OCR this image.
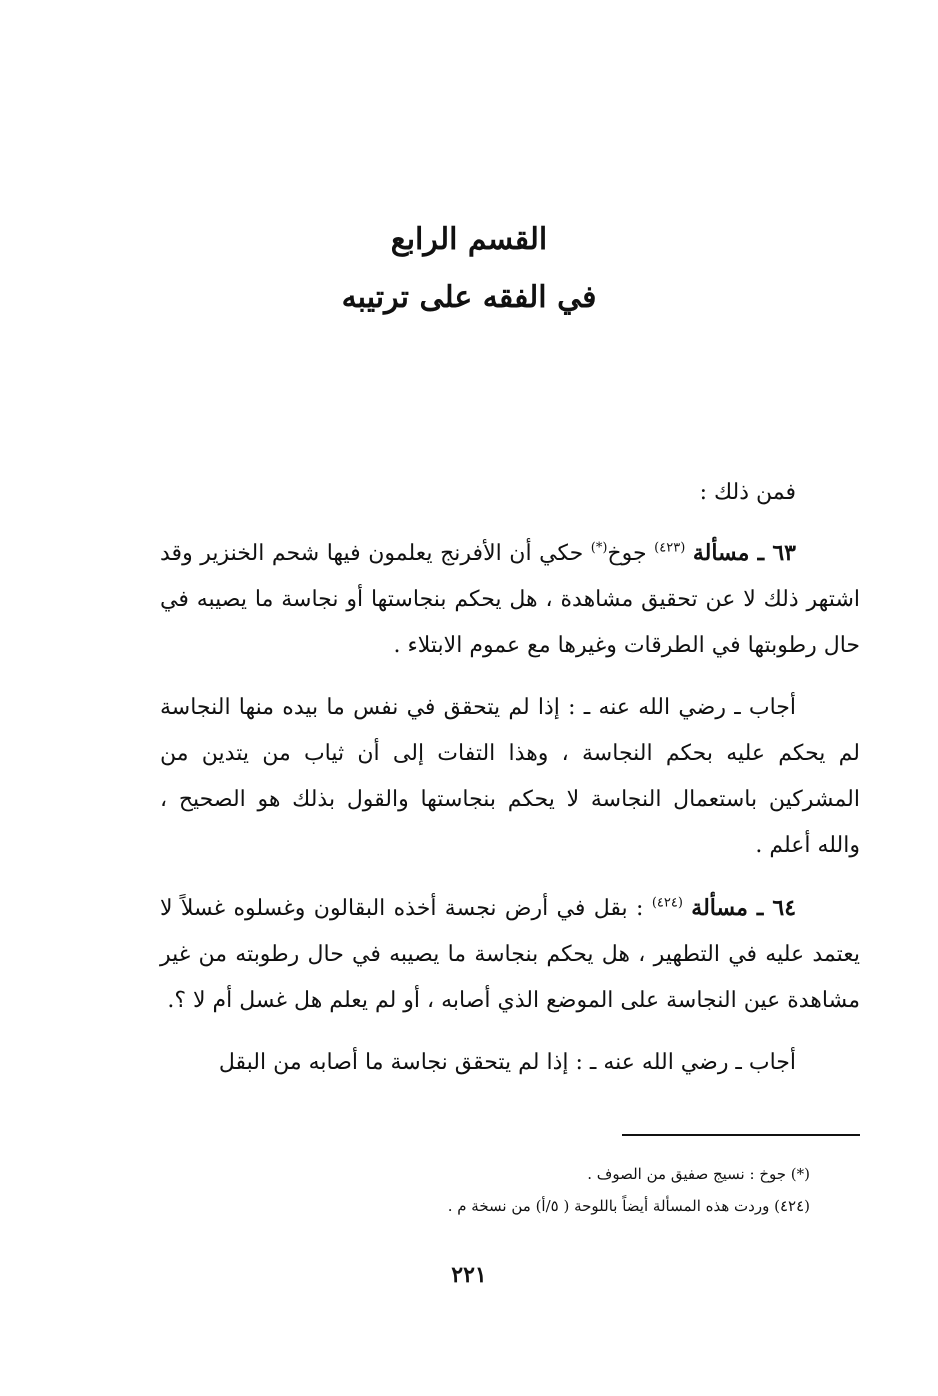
القسم الرابع
في الفقه على ترتيبه

فمن ذلك :

٦٣ ـ مسألة $^{(٤٢٣)}$ جوخ(*) حكي أن الأفرنج يعلمون فيها شحم الخنزير وقد اشتهر ذلك لا عن تحقيق مشاهدة ، هل يحكم بنجاستها أو نجاسة ما يصيبه في حال رطوبتها في الطرقات وغيرها مع عموم الابتلاء .

أجاب ـ رضي الله عنه ـ : إذا لم يتحقق في نفس ما بيده منها النجاسة لم يحكم عليه بحكم النجاسة ، وهذا التفات إلى أن ثياب من يتدين من المشركين باستعمال النجاسة لا يحكم بنجاستها والقول بذلك هو الصحيح ، والله أعلم .

٦٤ ـ مسألة $^{(٤٢٤)}$ : بقل في أرض نجسة أخذه البقالون وغسلوه غسلاً لا يعتمد عليه في التطهير ، هل يحكم بنجاسة ما يصيبه في حال رطوبته من غير مشاهدة عين النجاسة على الموضع الذي أصابه ، أو لم يعلم هل غسل أم لا ؟.

أجاب ـ رضي الله عنه ـ : إذا لم يتحقق نجاسة ما أصابه من البقل

(*) جوخ : نسيج صفيق من الصوف .

(٤٢٤) وردت هذه المسألة أيضاً باللوحة ( ٥/أ) من نسخة م .

٢٢١
